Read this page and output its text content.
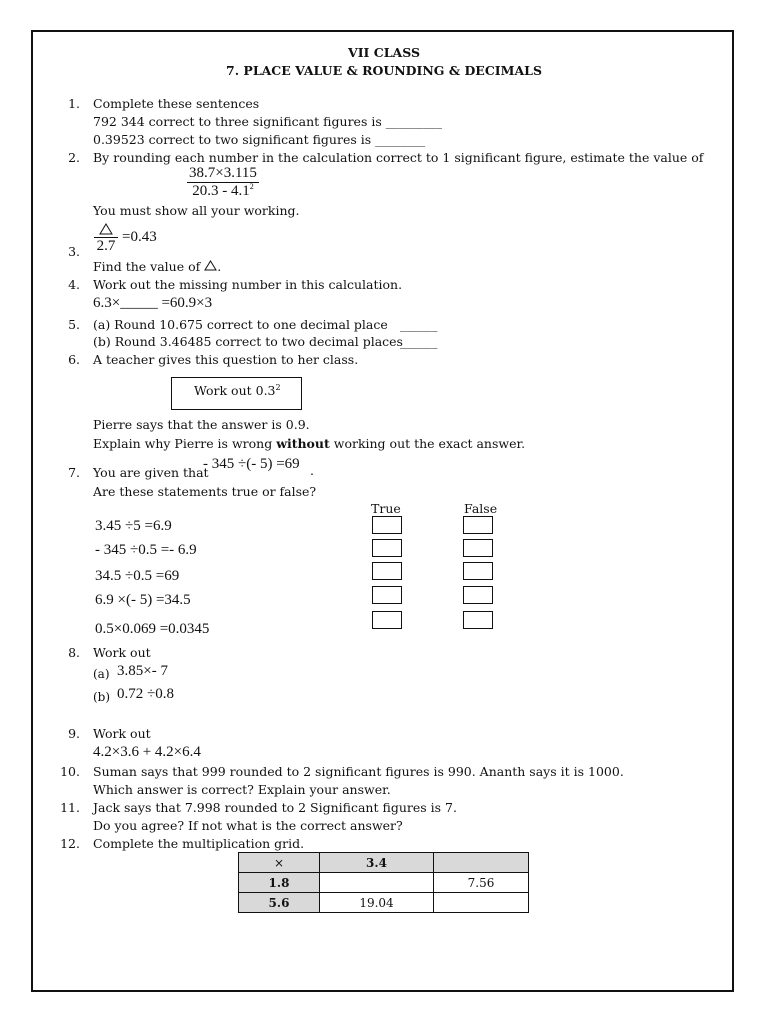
VII CLASS
7. PLACE VALUE & ROUNDING & DECIMALS
1. Complete these sentences
792 344 correct to three significant figures is _________
0.39523 correct to two significant figures is ________
2. By rounding each number in the calculation correct to 1 significant figure, estimate the value of
$\frac{38.7\times 3.115}{20.3 - 4.1^2}$
You must show all your working.
2.7
=0.43
3.
Find the value of .
4. Work out the missing number in this calculation.
6.3×_____ =60.9×3
5. (a) Round 10.675 correct to one decimal place ______
(b) Round 3.46485 correct to two decimal places
______
6. A teacher gives this question to her class.
Work out $0.3^2$
Pierre says that the answer is 0.9.
Explain why Pierre is wrong without working out the exact answer.
7. You are given that
- 345 ÷(- 5) =69 .
Are these statements true or false?
True	False
3.45 ÷5 =6.9
- 345 ÷0.5 =- 6.9
34.5 ÷0.5 =69
6.9 ×(- 5) =34.5
0.5×0.069 =0.0345
8. Work out
(a) 3.85×- 7
(b) 0.72 ÷0.8
9. Work out
4.2×3.6 + 4.2×6.4
10. Suman says that 999 rounded to 2 significant figures is 990. Ananth says it is 1000.
Which answer is correct? Explain your answer.
11. Jack says that 7.998 rounded to 2 Significant figures is 7.
Do you agree? If not what is the correct answer?
12. Complete the multiplication grid.
×	3.4	
1.8		7.56
5.6	19.04	
